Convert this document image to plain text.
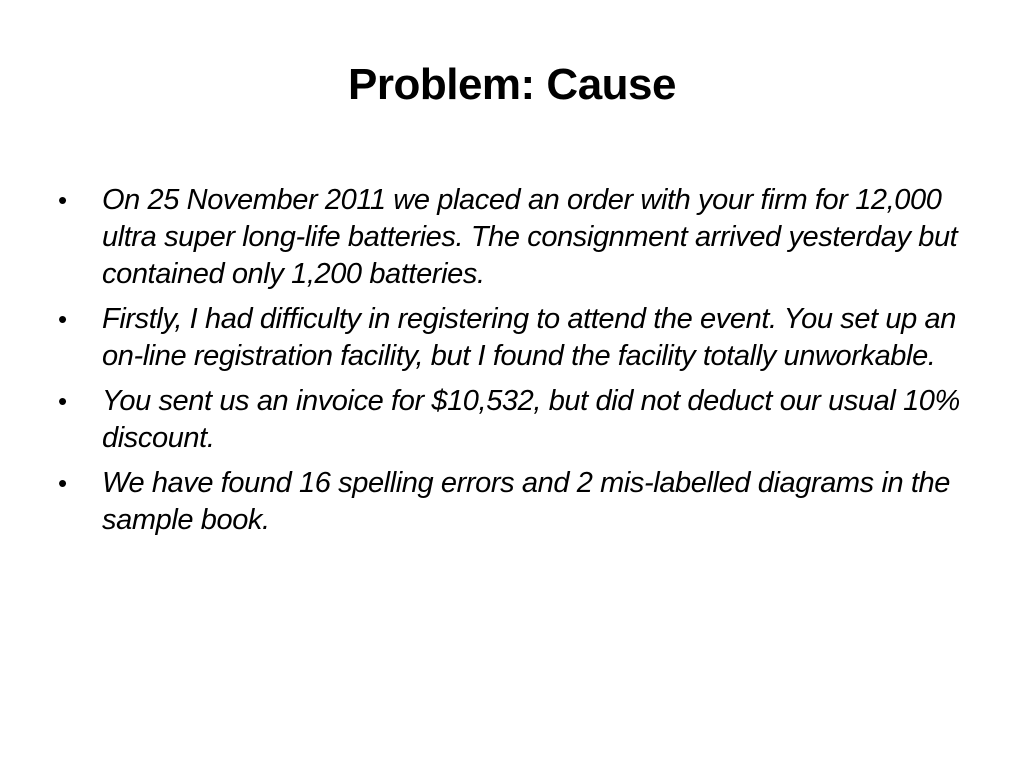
Problem: Cause
• On 25 November 2011 we placed an order with your firm for 12,000 ultra super long-life batteries. The consignment arrived yesterday but contained only 1,200 batteries.
• Firstly, I had difficulty in registering to attend the event. You set up an on-line registration facility, but I found the facility totally unworkable.
• You sent us an invoice for $10,532, but did not deduct our usual 10% discount.
• We have found 16 spelling errors and 2 mis-labelled diagrams in the sample book.
